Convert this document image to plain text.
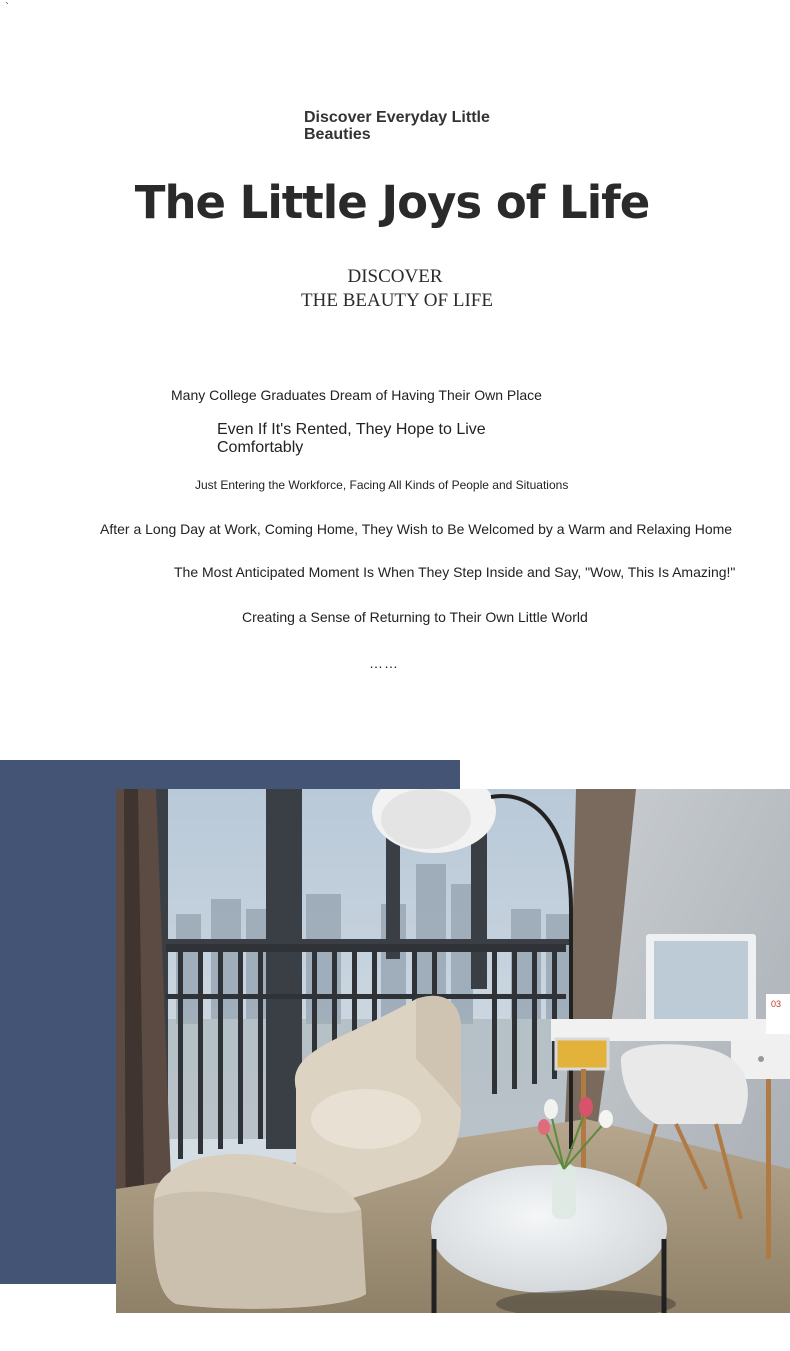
`
Discover Everyday Little Beauties
The Little Joys of Life
DISCOVER
THE BEAUTY OF LIFE
Many College Graduates Dream of Having Their Own Place
Even If It's Rented, They Hope to Live Comfortably
Just Entering the Workforce, Facing All Kinds of People and Situations
After a Long Day at Work, Coming Home, They Wish to Be Welcomed by a Warm and Relaxing Home
The Most Anticipated Moment Is When They Step Inside and Say, "Wow, This Is Amazing!"
Creating a Sense of Returning to Their Own Little World
……
03
